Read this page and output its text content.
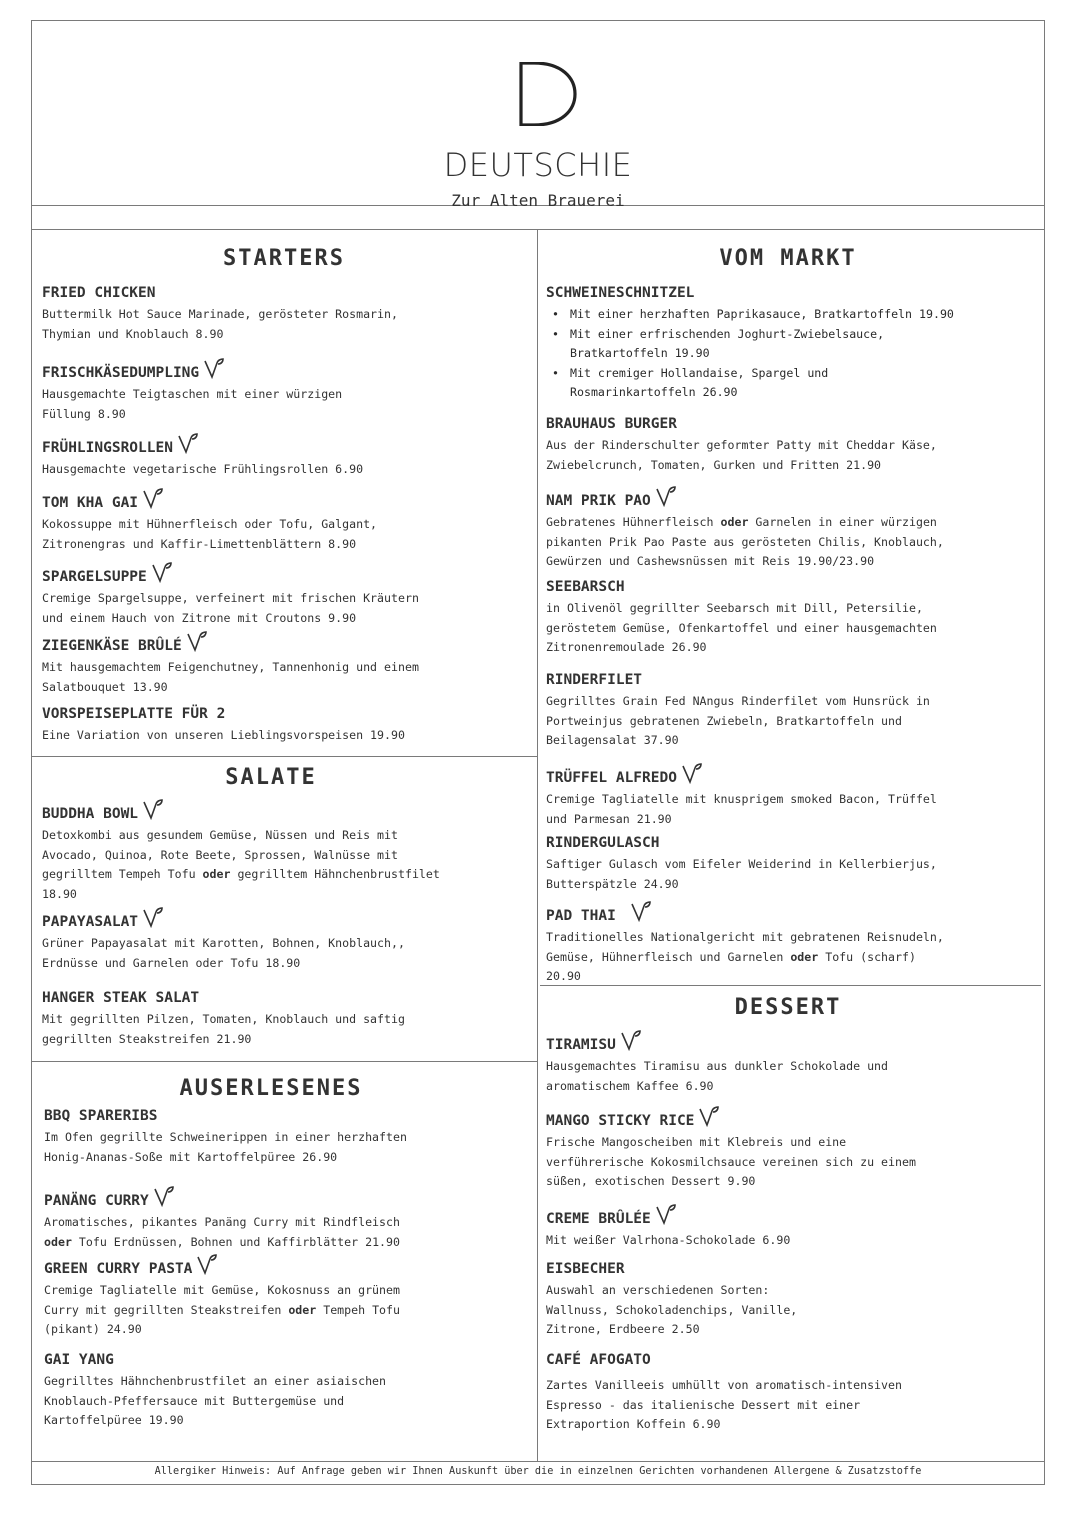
DEUTSCHIE
Zur Alten Brauerei
Allergiker Hinweis: Auf Anfrage geben wir Ihnen Auskunft über die in einzelnen Gerichten vorhandenen Allergene & Zusatzstoffe
STARTERS
SALATE
AUSERLESENES
VOM MARKT
DESSERT
FRIED CHICKEN
Buttermilk Hot Sauce Marinade, gerösteter Rosmarin,
Thymian und Knoblauch 8.90
FRISCHKÄSEDUMPLING
Hausgemachte Teigtaschen mit einer würzigen
Füllung 8.90
FRÜHLINGSROLLEN
Hausgemachte vegetarische Frühlingsrollen 6.90
TOM KHA GAI
Kokossuppe mit Hühnerfleisch oder Tofu, Galgant,
Zitronengras und Kaffir-Limettenblättern 8.90
SPARGELSUPPE
Cremige Spargelsuppe, verfeinert mit frischen Kräutern
und einem Hauch von Zitrone mit Croutons 9.90
ZIEGENKÄSE BRÛLÉ
Mit hausgemachtem Feigenchutney, Tannenhonig und einem
Salatbouquet 13.90
VORSPEISEPLATTE FÜR 2
Eine Variation von unseren Lieblingsvorspeisen 19.90
BUDDHA BOWL
Detoxkombi aus gesundem Gemüse, Nüssen und Reis mit
Avocado, Quinoa, Rote Beete, Sprossen, Walnüsse mit
gegrilltem Tempeh Tofu oder gegrilltem Hähnchenbrustfilet
18.90
PAPAYASALAT
Grüner Papayasalat mit Karotten, Bohnen, Knoblauch,,
Erdnüsse und Garnelen oder Tofu 18.90
HANGER STEAK SALAT
Mit gegrillten Pilzen, Tomaten, Knoblauch und saftig
gegrillten Steakstreifen 21.90
BBQ SPARERIBS
Im Ofen gegrillte Schweinerippen in einer herzhaften
Honig-Ananas-Soße mit Kartoffelpüree 26.90
PANÄNG CURRY
Aromatisches, pikantes Panäng Curry mit Rindfleisch
oder Tofu Erdnüssen, Bohnen und Kaffirblätter 21.90
GREEN CURRY PASTA
Cremige Tagliatelle mit Gemüse, Kokosnuss an grünem
Curry mit gegrillten Steakstreifen oder Tempeh Tofu
(pikant) 24.90
GAI YANG
Gegrilltes Hähnchenbrustfilet an einer asiaischen
Knoblauch-Pfeffersauce mit Buttergemüse und
Kartoffelpüree 19.90
SCHWEINESCHNITZEL
• Mit einer herzhaften Paprikasauce, Bratkartoffeln 19.90
• Mit einer erfrischenden Joghurt-Zwiebelsauce,
Bratkartoffeln 19.90
• Mit cremiger Hollandaise, Spargel und
Rosmarinkartoffeln 26.90
BRAUHAUS BURGER
Aus der Rinderschulter geformter Patty mit Cheddar Käse,
Zwiebelcrunch, Tomaten, Gurken und Fritten 21.90
NAM PRIK PAO
Gebratenes Hühnerfleisch oder Garnelen in einer würzigen
pikanten Prik Pao Paste aus gerösteten Chilis, Knoblauch,
Gewürzen und Cashewsnüssen mit Reis 19.90/23.90
SEEBARSCH
in Olivenöl gegrillter Seebarsch mit Dill, Petersilie,
geröstetem Gemüse, Ofenkartoffel und einer hausgemachten
Zitronenremoulade 26.90
RINDERFILET
Gegrilltes Grain Fed NAngus Rinderfilet vom Hunsrück in
Portweinjus gebratenen Zwiebeln, Bratkartoffeln und
Beilagensalat 37.90
TRÜFFEL ALFREDO
Cremige Tagliatelle mit knusprigem smoked Bacon, Trüffel
und Parmesan 21.90
RINDERGULASCH
Saftiger Gulasch vom Eifeler Weiderind in Kellerbierjus,
Butterspätzle 24.90
PAD THAI
Traditionelles Nationalgericht mit gebratenen Reisnudeln,
Gemüse, Hühnerfleisch und Garnelen oder Tofu (scharf)
20.90
TIRAMISU
Hausgemachtes Tiramisu aus dunkler Schokolade und
aromatischem Kaffee 6.90
MANGO STICKY RICE
Frische Mangoscheiben mit Klebreis und eine
verführerische Kokosmilchsauce vereinen sich zu einem
süßen, exotischen Dessert 9.90
CREME BRÛLÉE
Mit weißer Valrhona-Schokolade 6.90
EISBECHER
Auswahl an verschiedenen Sorten:
Wallnuss, Schokoladenchips, Vanille,
Zitrone, Erdbeere 2.50
CAFÉ AFOGATO
Zartes Vanilleeis umhüllt von aromatisch-intensiven
Espresso - das italienische Dessert mit einer
Extraportion Koffein 6.90
